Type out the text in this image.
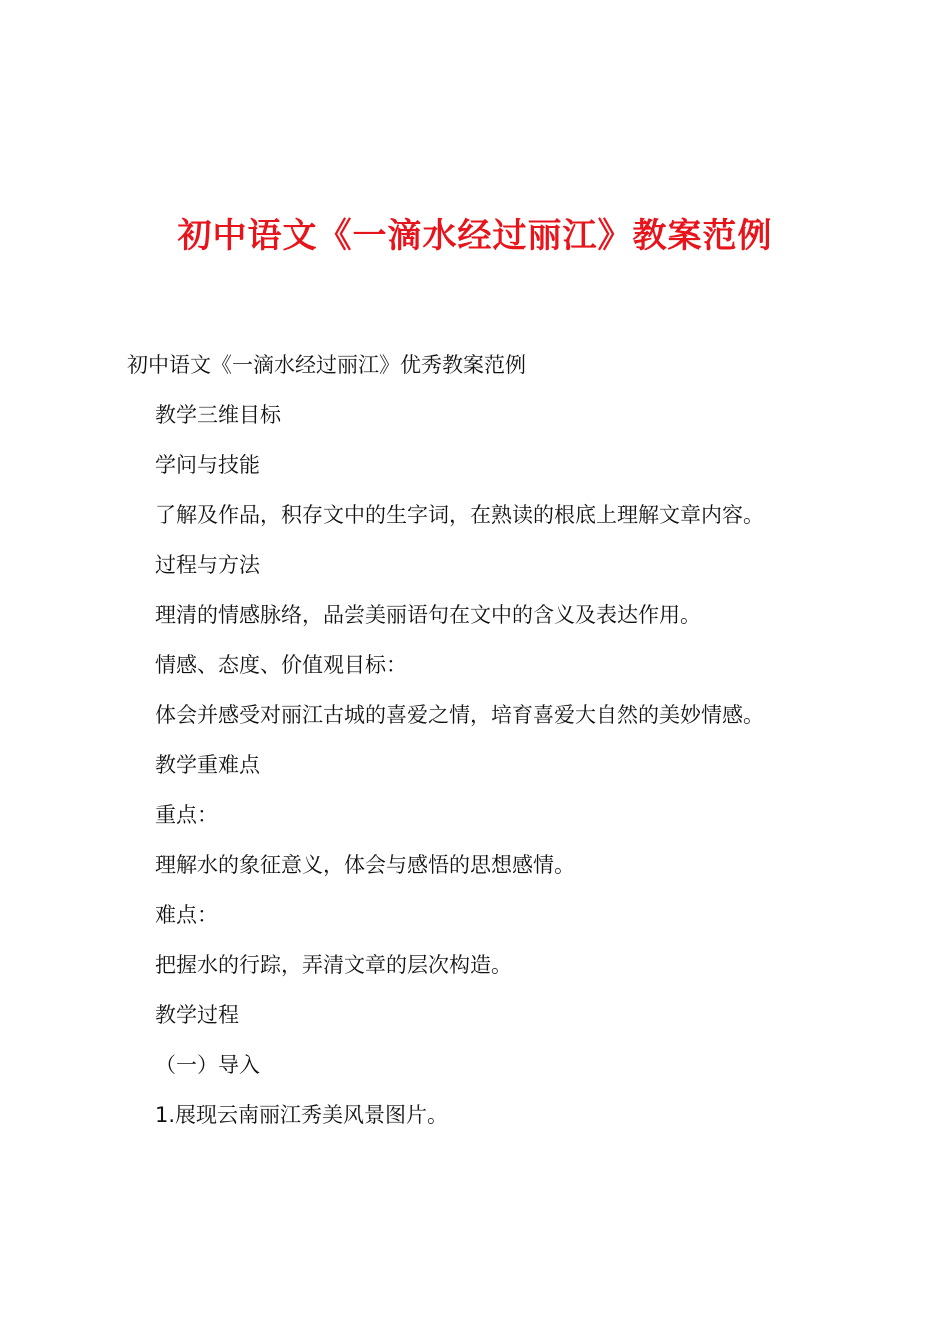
初中语文《一滴水经过丽江》教案范例

初中语文《一滴水经过丽江》优秀教案范例

教学三维目标

学问与技能

了解及作品，积存文中的生字词，在熟读的根底上理解文章内容。

过程与方法

理清的情感脉络，品尝美丽语句在文中的含义及表达作用。

情感、态度、价值观目标：

体会并感受对丽江古城的喜爱之情，培育喜爱大自然的美妙情感。

教学重难点

重点：

理解水的象征意义，体会与感悟的思想感情。

难点：

把握水的行踪，弄清文章的层次构造。

教学过程

（一）导入

1.展现云南丽江秀美风景图片。
